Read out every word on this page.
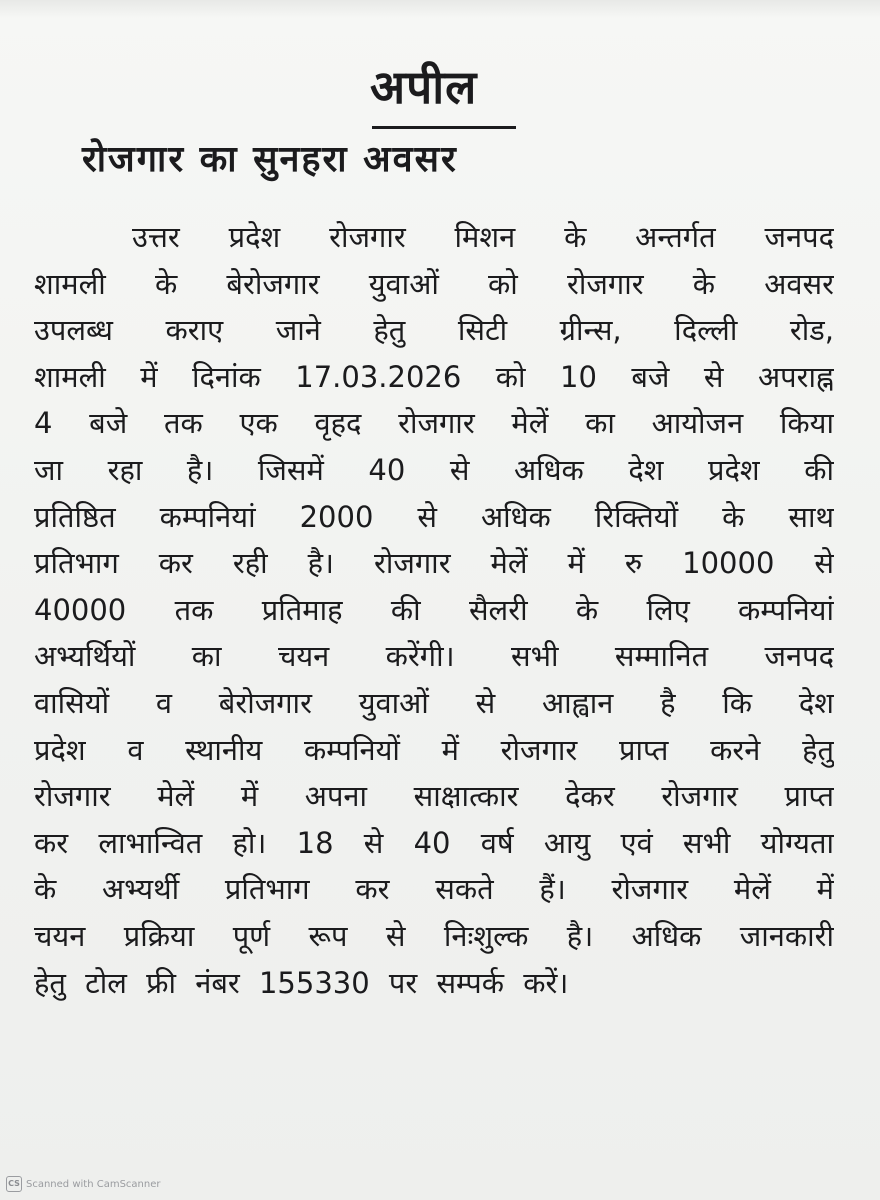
अपील
रोजगार का सुनहरा अवसर
उत्तर प्रदेश रोजगार मिशन के अन्तर्गत जनपद
शामली के बेरोजगार युवाओं को रोजगार के अवसर
उपलब्ध कराए जाने हेतु सिटी ग्रीन्स, दिल्ली रोड,
शामली में दिनांक 17.03.2026 को 10 बजे से अपराह्न
4 बजे तक एक वृहद रोजगार मेलें का आयोजन किया
जा रहा है। जिसमें 40 से अधिक देश प्रदेश की
प्रतिष्ठित कम्पनियां 2000 से अधिक रिक्तियों के साथ
प्रतिभाग कर रही है। रोजगार मेलें में रु 10000 से
40000 तक प्रतिमाह की सैलरी के लिए कम्पनियां
अभ्यर्थियों का चयन करेंगी। सभी सम्मानित जनपद
वासियों व बेरोजगार युवाओं से आह्वान है कि देश
प्रदेश व स्थानीय कम्पनियों में रोजगार प्राप्त करने हेतु
रोजगार मेलें में अपना साक्षात्कार देकर रोजगार प्राप्त
कर लाभान्वित हो। 18 से 40 वर्ष आयु एवं सभी योग्यता
के अभ्यर्थी प्रतिभाग कर सकते हैं। रोजगार मेलें में
चयन प्रक्रिया पूर्ण रूप से निःशुल्क है। अधिक जानकारी
हेतु टोल फ्री नंबर 155330 पर सम्पर्क करें।
CS Scanned with CamScanner
